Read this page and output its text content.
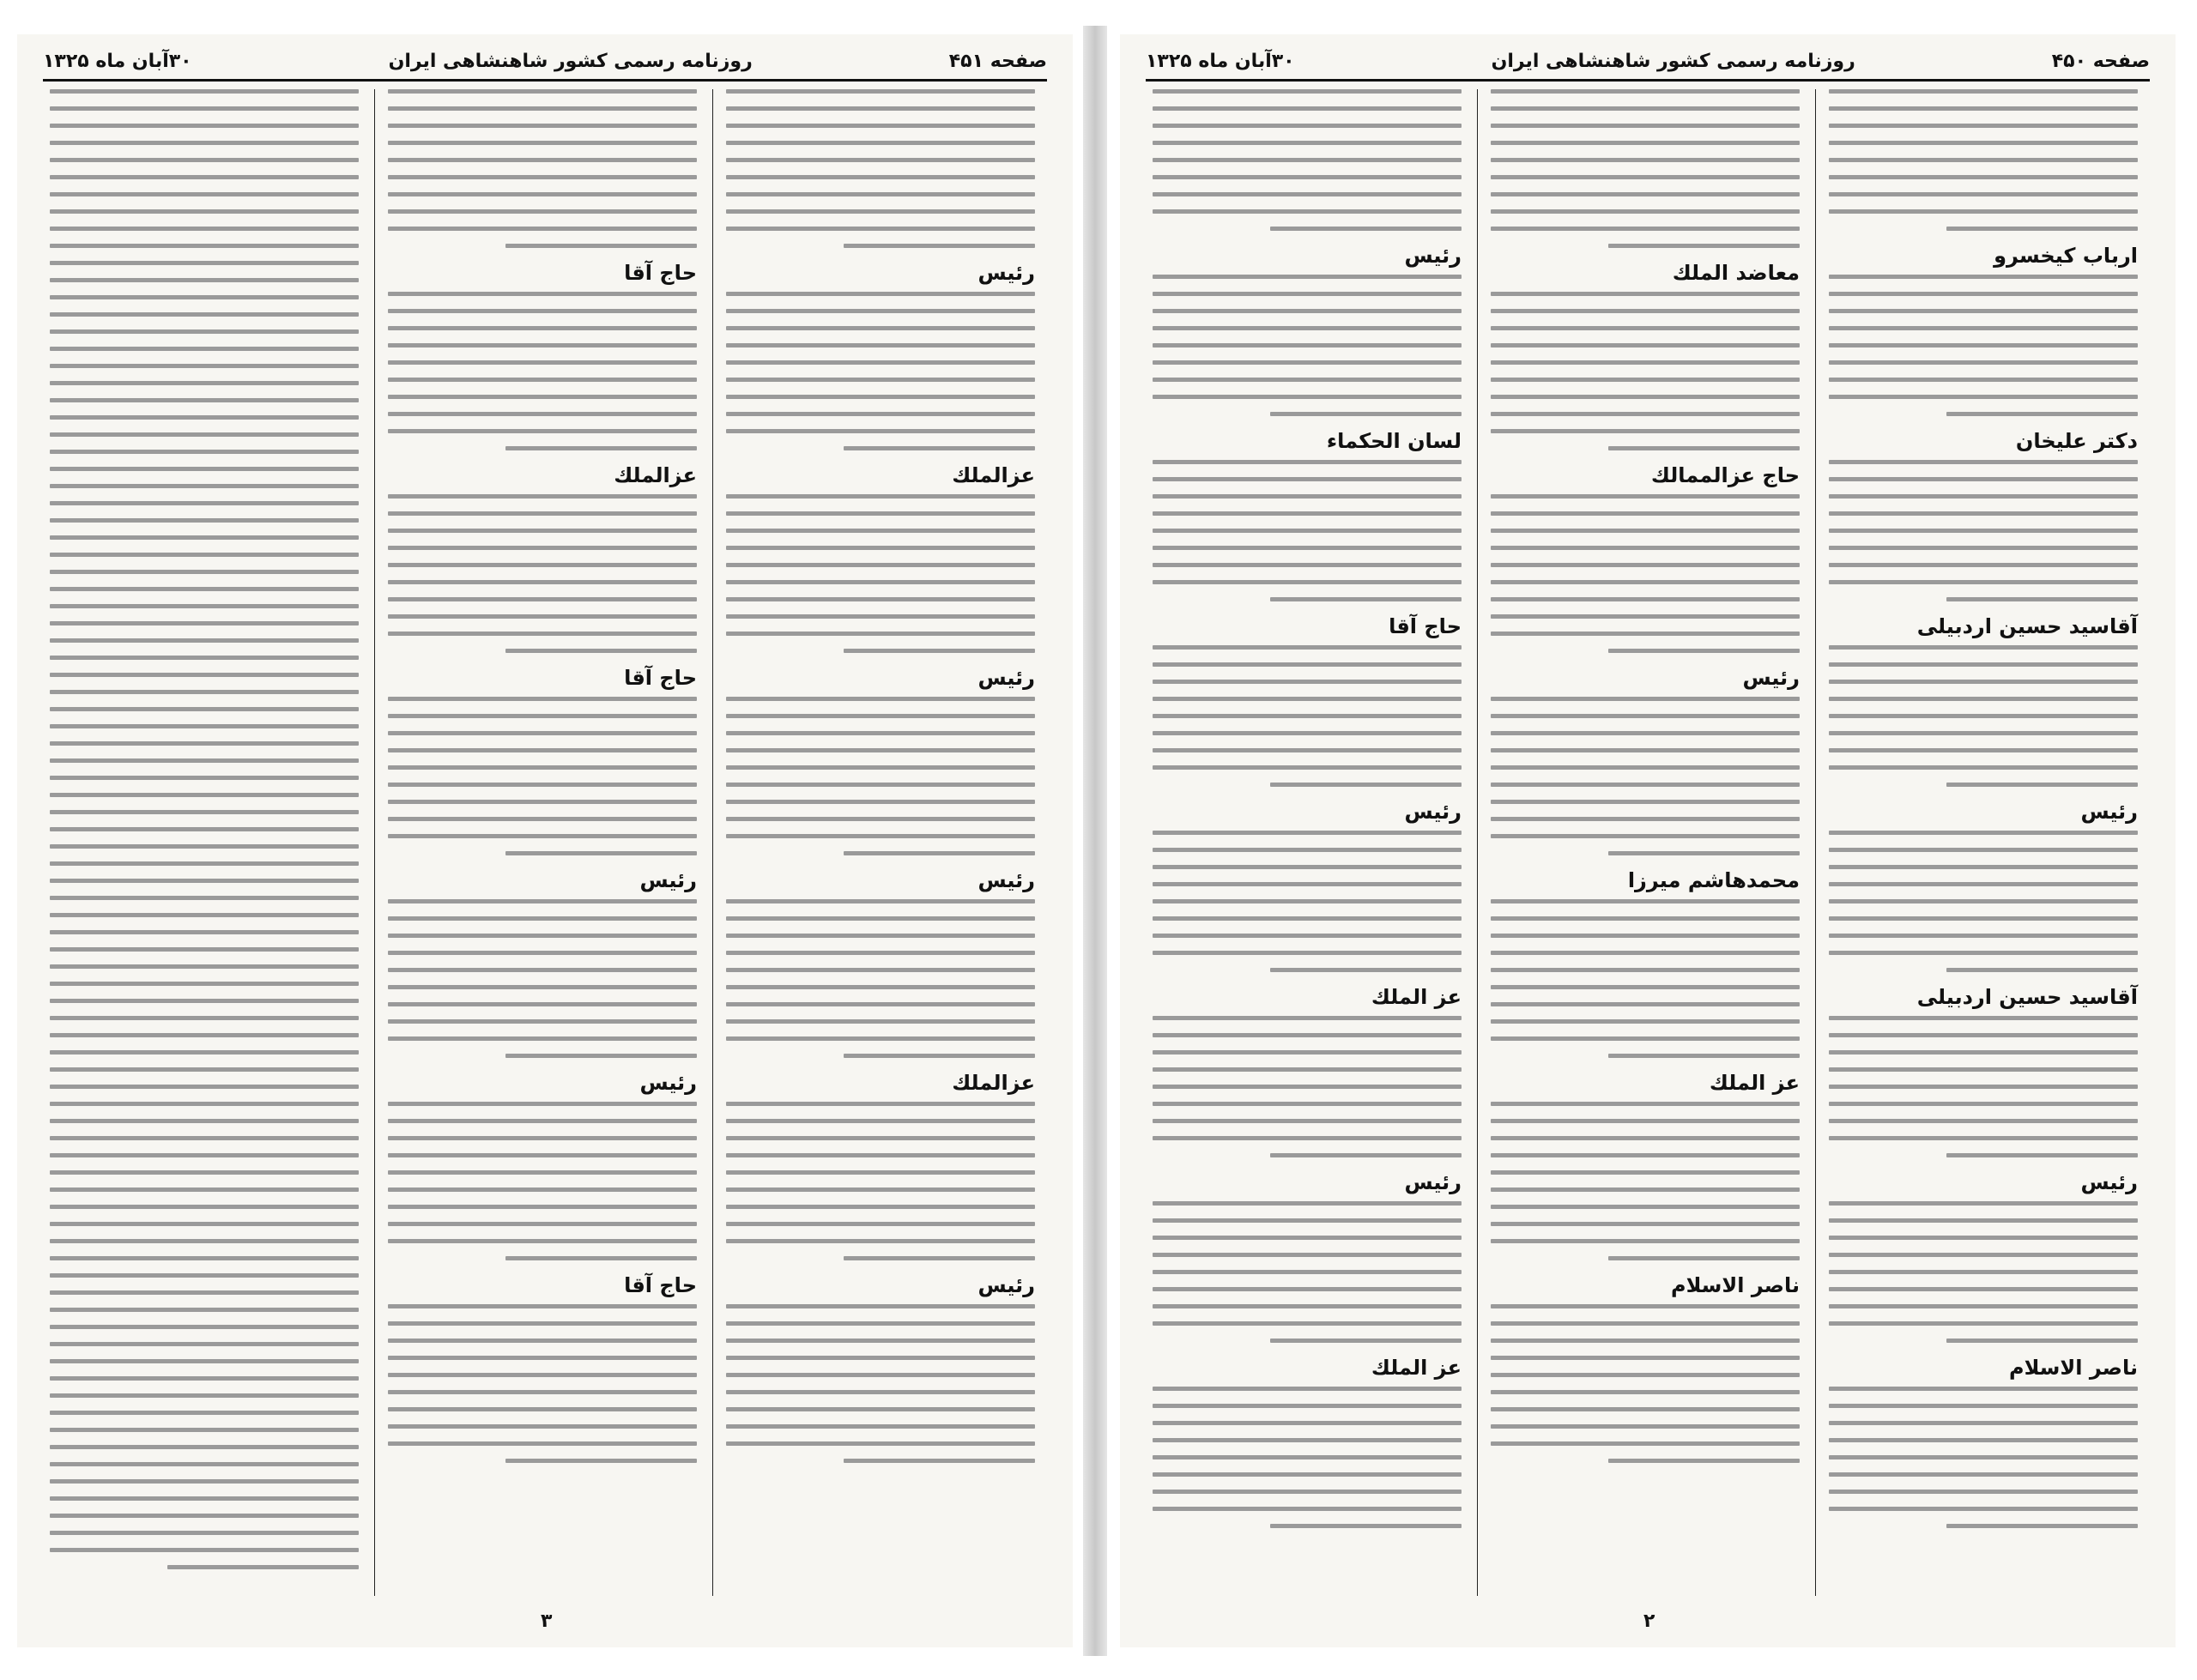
صفحه ۴۵۱
روزنامه رسمی کشور شاهنشاهی ایران
۳۰آبان ماه ۱۳۲۵
رئیس
عزالملك
رئیس
رئیس
عزالملك
رئیس
حاج آقا
عزالملك
حاج آقا
رئیس
رئیس
حاج آقا
۳
صفحه ۴۵۰
روزنامه رسمی کشور شاهنشاهی ایران
۳۰آبان ماه ۱۳۲۵
ارباب کیخسرو
دکتر علیخان
آقاسید حسین اردبیلی
رئیس
آقاسید حسین اردبیلی
رئیس
ناصر الاسلام
معاضد الملك
حاج عزالممالك
رئیس
محمدهاشم میرزا
عز الملك
ناصر الاسلام
رئیس
لسان الحکماء
حاج آقا
رئیس
عز الملك
رئیس
عز الملك
۲
